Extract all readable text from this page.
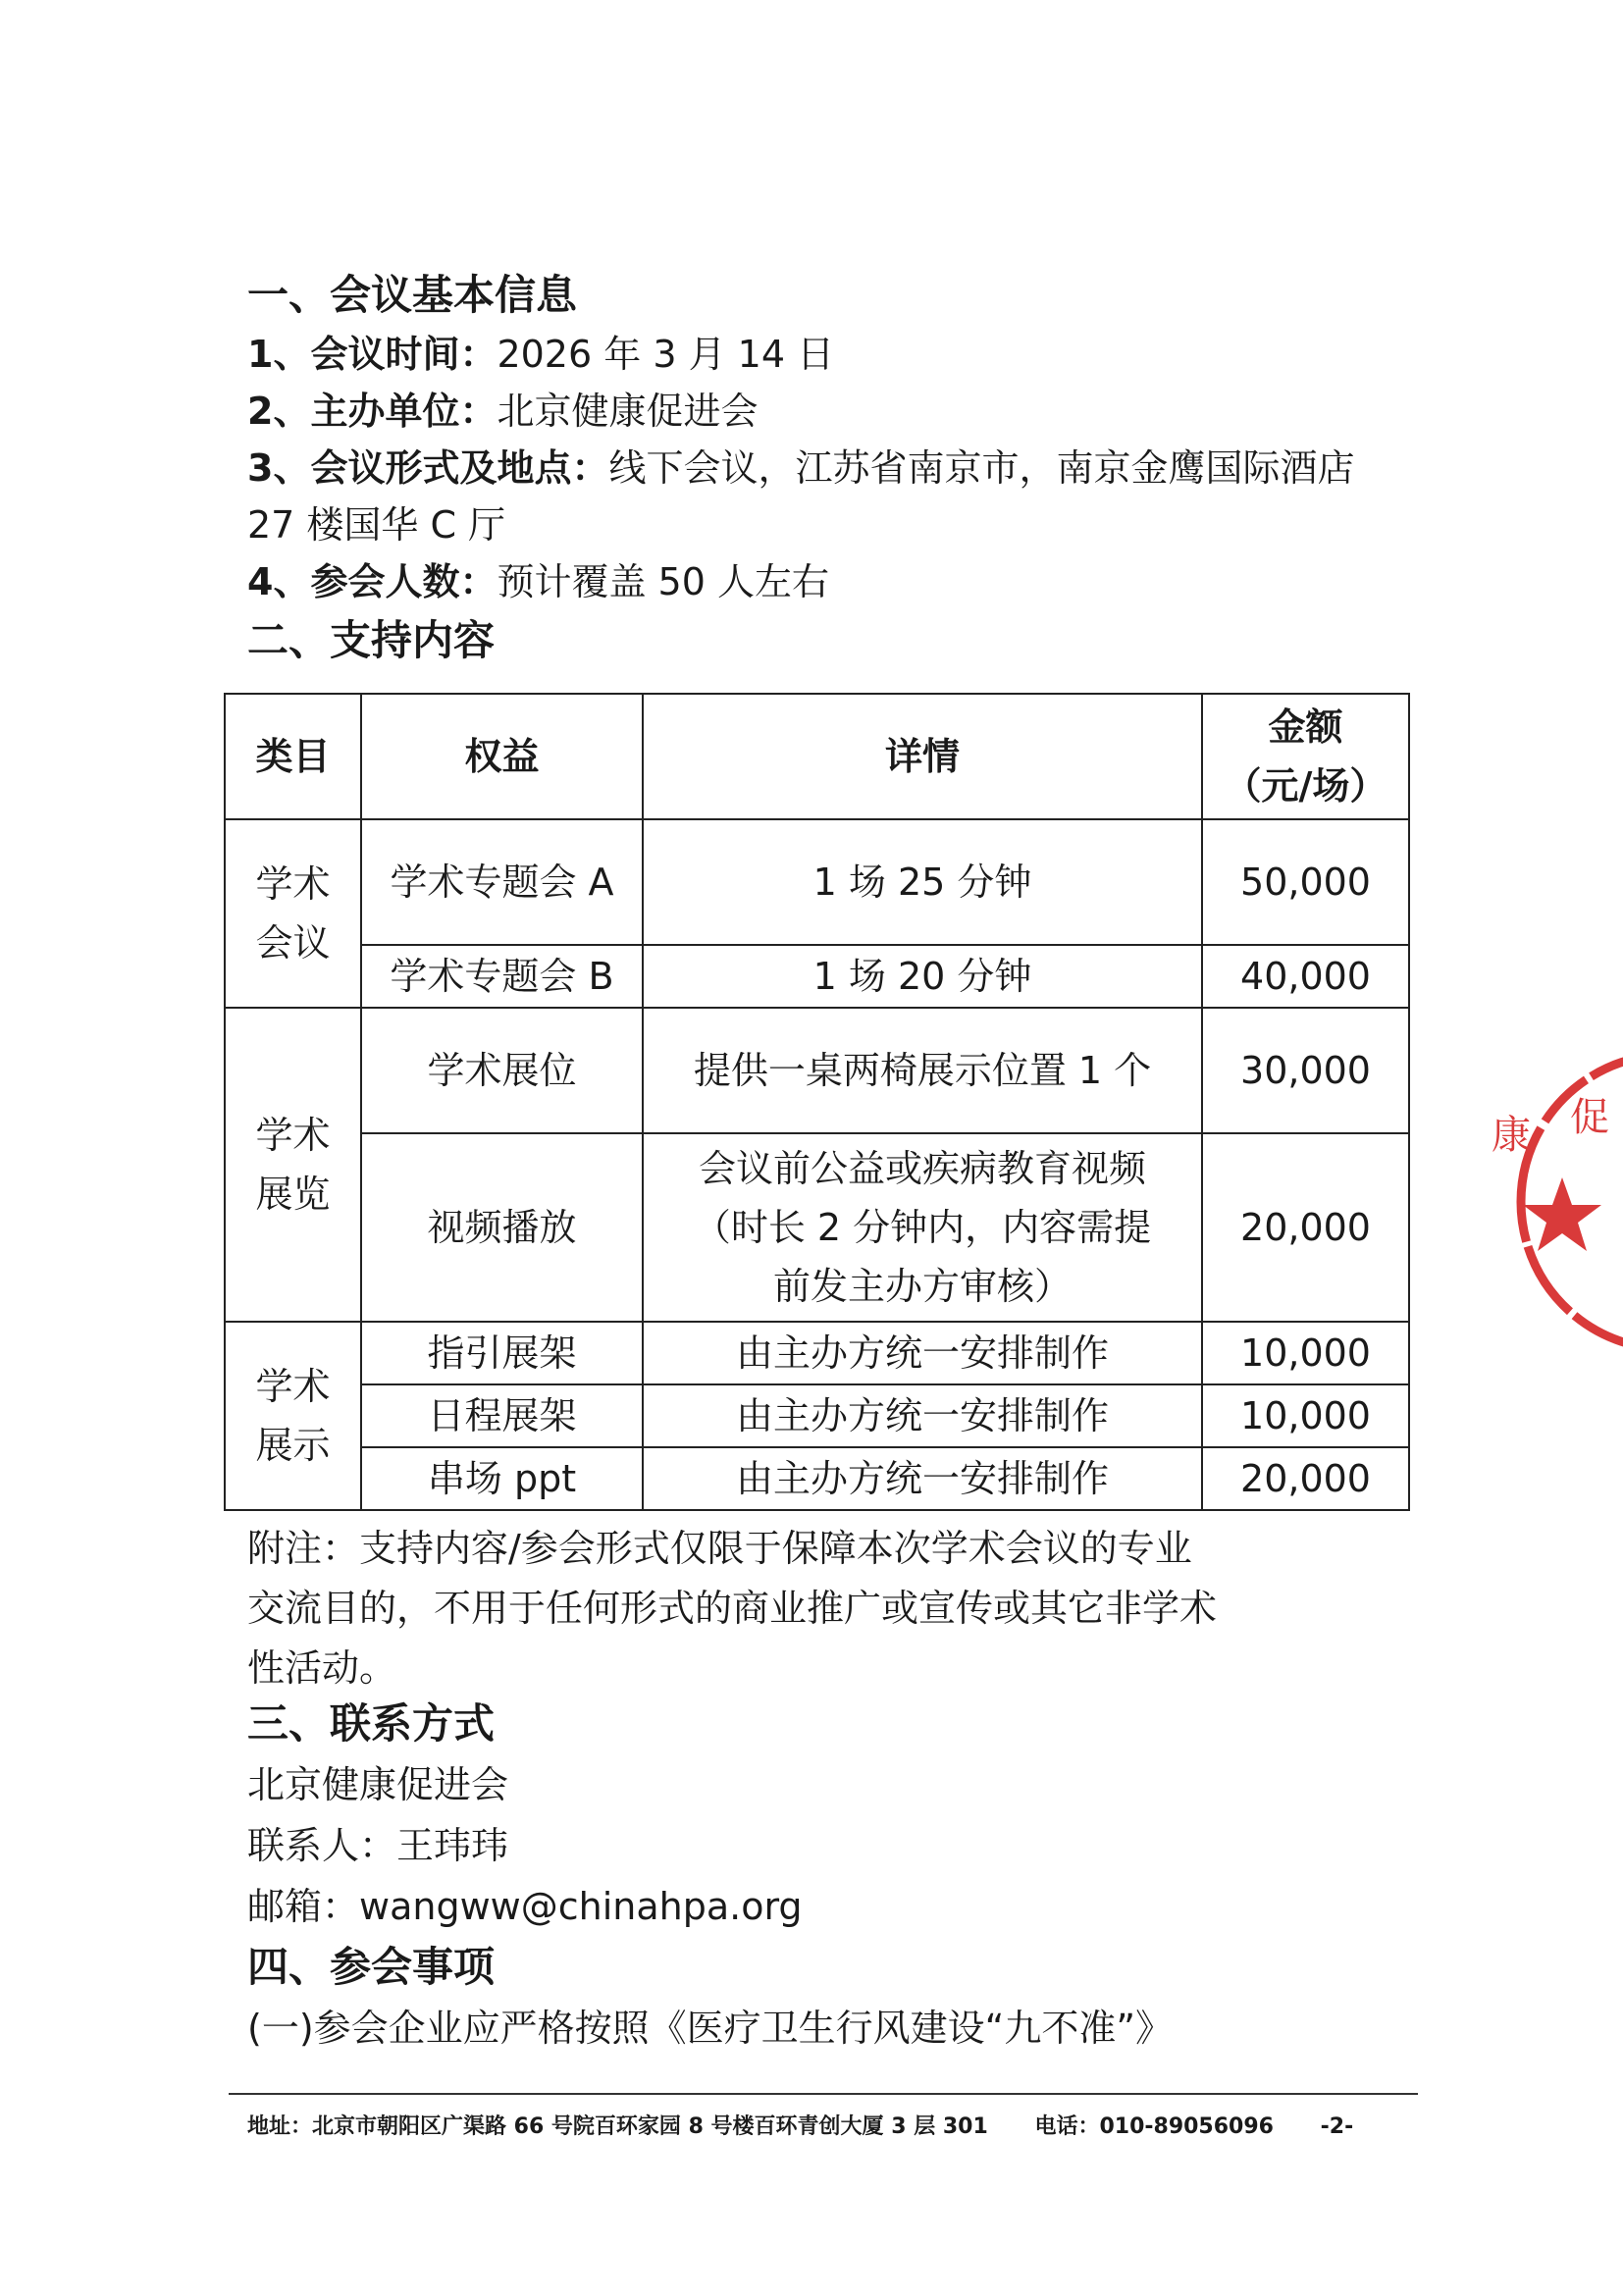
一、会议基本信息
1、会议时间：2026 年 3 月 14 日
2、主办单位：北京健康促进会
3、会议形式及地点：线下会议，江苏省南京市，南京金鹰国际酒店
27 楼国华 C 厅
4、参会人数：预计覆盖 50 人左右
二、支持内容
类目	权益	详情	金额
（元/场）

学术
会议	学术专题会 A	1 场 25 分钟	50,000
	学术专题会 B	1 场 20 分钟	40,000

学术
展览	学术展位	提供一桌两椅展示位置 1 个	30,000
	视频播放	会议前公益或疾病教育视频
（时长 2 分钟内，内容需提
前发主办方审核）	20,000

学术
展示	指引展架	由主办方统一安排制作	10,000
	日程展架	由主办方统一安排制作	10,000
	串场 ppt	由主办方统一安排制作	20,000
附注：支持内容/参会形式仅限于保障本次学术会议的专业
交流目的，不用于任何形式的商业推广或宣传或其它非学术
性活动。
三、联系方式
北京健康促进会
联系人：王玮玮
邮箱：wangww@chinahpa.org
四、参会事项
(一)参会企业应严格按照《医疗卫生行风建设“九不准”》
地址：北京市朝阳区广渠路 66 号院百环家园 8 号楼百环青创大厦 3 层 301 电话：010-89056096 -2-
康 促
